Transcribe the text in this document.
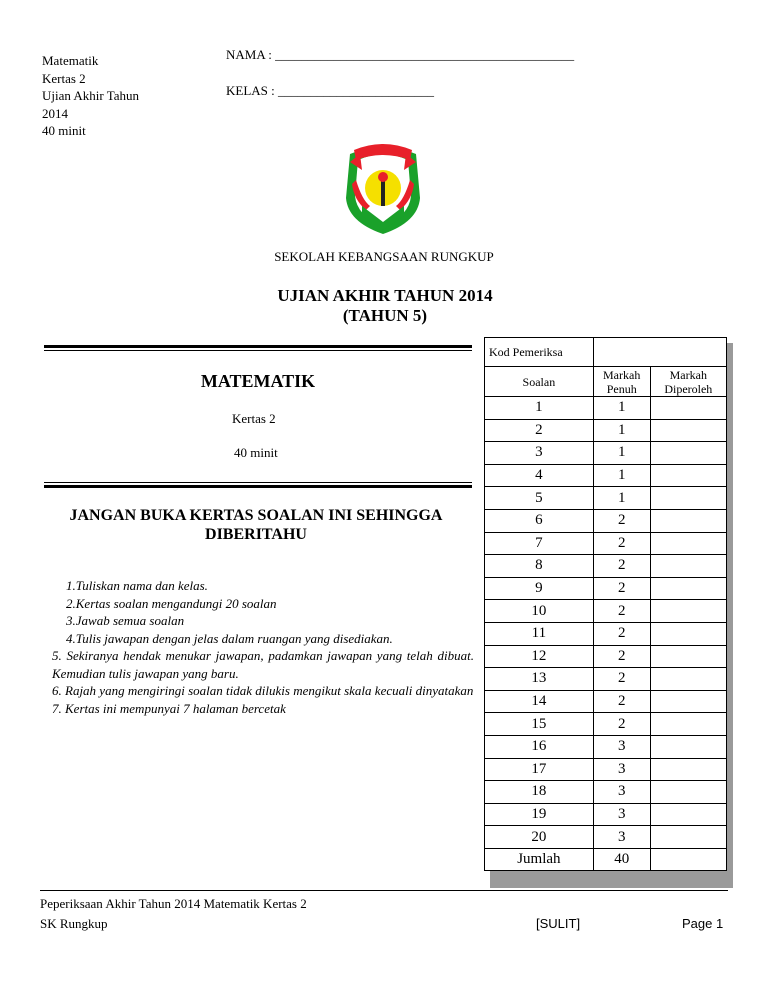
Matematik
Kertas 2
Ujian Akhir Tahun
2014
40 minit
NAMA : ______________________________________________
KELAS : ________________________
SEKOLAH KEBANGSAAN RUNGKUP
UJIAN AKHIR TAHUN 2014
(TAHUN 5)
MATEMATIK
Kertas 2
40 minit
JANGAN BUKA KERTAS SOALAN INI SEHINGGA DIBERITAHU
1.Tuliskan nama dan kelas.
2.Kertas soalan mengandungi 20 soalan
3.Jawab semua soalan
4.Tulis jawapan dengan jelas dalam ruangan yang disediakan.
5. Sekiranya hendak menukar jawapan, padamkan jawapan yang telah dibuat. Kemudian tulis jawapan yang baru.
6. Rajah yang mengiringi soalan tidak dilukis mengikut skala kecuali dinyatakan
7. Kertas ini mempunyai 7 halaman bercetak
Kod Pemeriksa		
Soalan	Markah Penuh	Markah Diperoleh
1	1	
2	1	
3	1	
4	1	
5	1	
6	2	
7	2	
8	2	
9	2	
10	2	
11	2	
12	2	
13	2	
14	2	
15	2	
16	3	
17	3	
18	3	
19	3	
20	3	
Jumlah	40	
Peperiksaan Akhir Tahun 2014 Matematik Kertas 2
SK Rungkup	[SULIT]	Page 1
